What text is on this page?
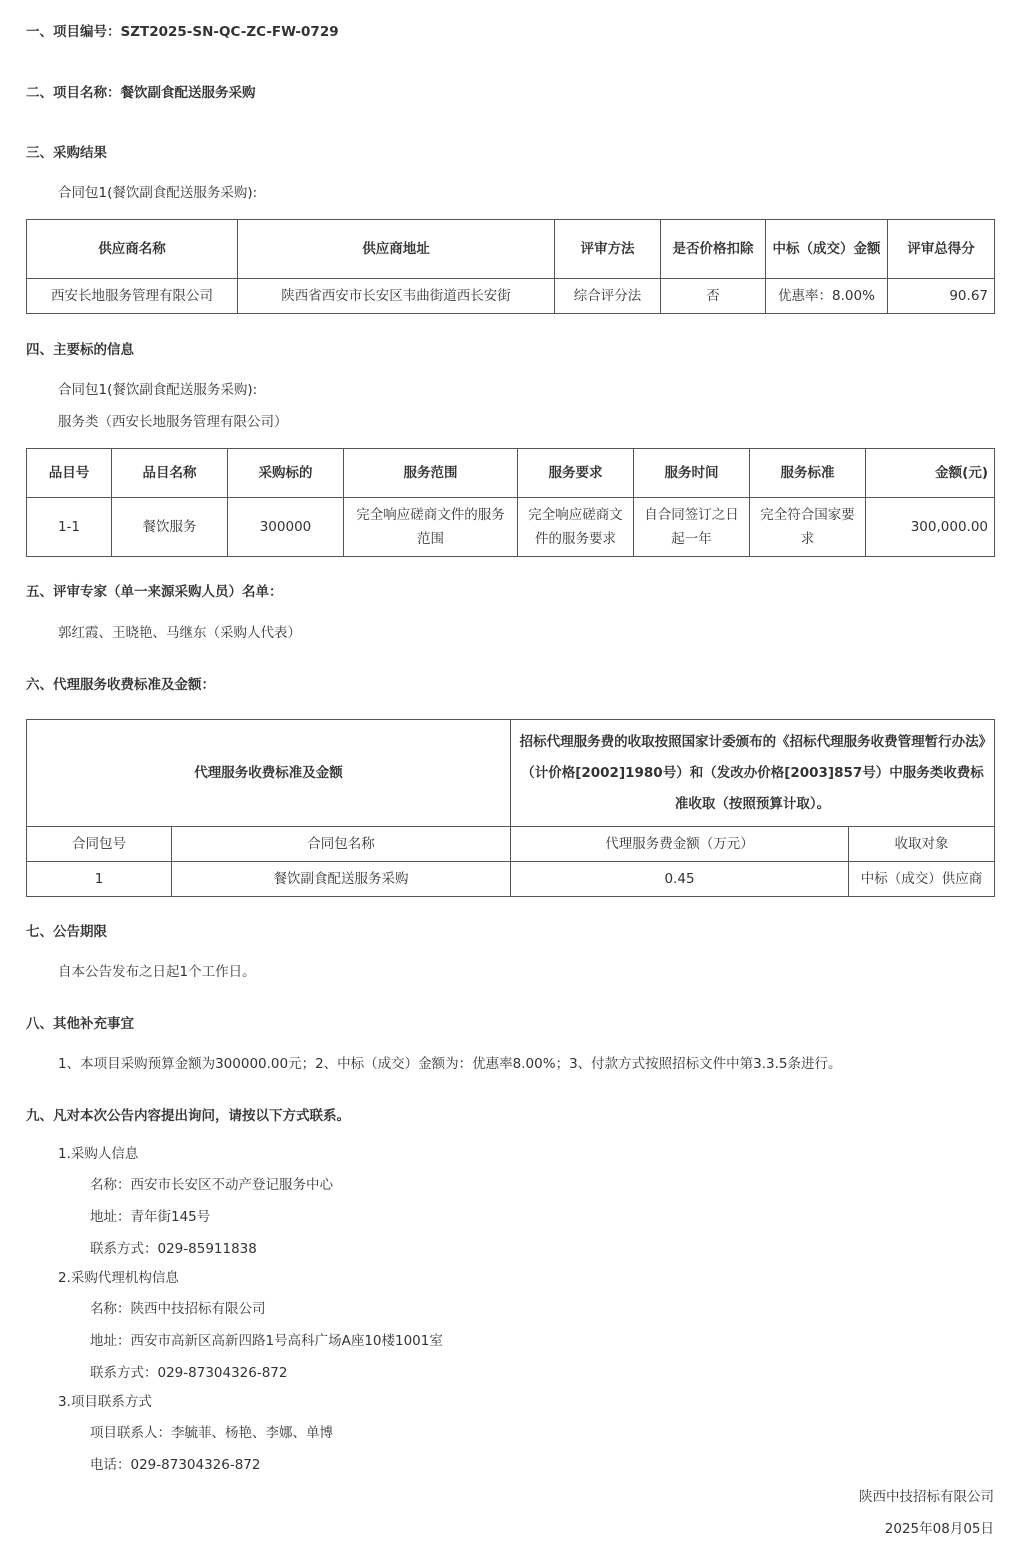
一、项目编号：SZT2025-SN-QC-ZC-FW-0729
二、项目名称：餐饮副食配送服务采购
三、采购结果
合同包1(餐饮副食配送服务采购):
供应商名称	供应商地址	评审方法	是否价格扣除	中标（成交）金额	评审总得分
西安长地服务管理有限公司	陕西省西安市长安区韦曲街道西长安街	综合评分法	否	优惠率：8.00%	90.67
四、主要标的信息
合同包1(餐饮副食配送服务采购):
服务类（西安长地服务管理有限公司）
品目号	品目名称	采购标的	服务范围	服务要求	服务时间	服务标准	金额(元)
1-1	餐饮服务	300000	完全响应磋商文件的服务范围	完全响应磋商文件的服务要求	自合同签订之日起一年	完全符合国家要求	300,000.00
五、评审专家（单一来源采购人员）名单：
郭红霞、王晓艳、马继东（采购人代表）
六、代理服务收费标准及金额：
代理服务收费标准及金额		招标代理服务费的收取按照国家计委颁布的《招标代理服务收费管理暂行办法》（计价格[2002]1980号）和（发改办价格[2003]857号）中服务类收费标准收取（按照预算计取）。	
合同包号	合同包名称	代理服务费金额（万元）	收取对象
1	餐饮副食配送服务采购	0.45	中标（成交）供应商
七、公告期限
自本公告发布之日起1个工作日。
八、其他补充事宜
1、本项目采购预算金额为300000.00元；2、中标（成交）金额为：优惠率8.00%；3、付款方式按照招标文件中第3.3.5条进行。
九、凡对本次公告内容提出询问，请按以下方式联系。
1.采购人信息
名称：西安市长安区不动产登记服务中心
地址：青年街145号
联系方式：029-85911838
2.采购代理机构信息
名称：陕西中技招标有限公司
地址：西安市高新区高新四路1号高科广场A座10楼1001室
联系方式：029-87304326-872
3.项目联系方式
项目联系人：李毓菲、杨艳、李娜、单博
电话：029-87304326-872
陕西中技招标有限公司
2025年08月05日
